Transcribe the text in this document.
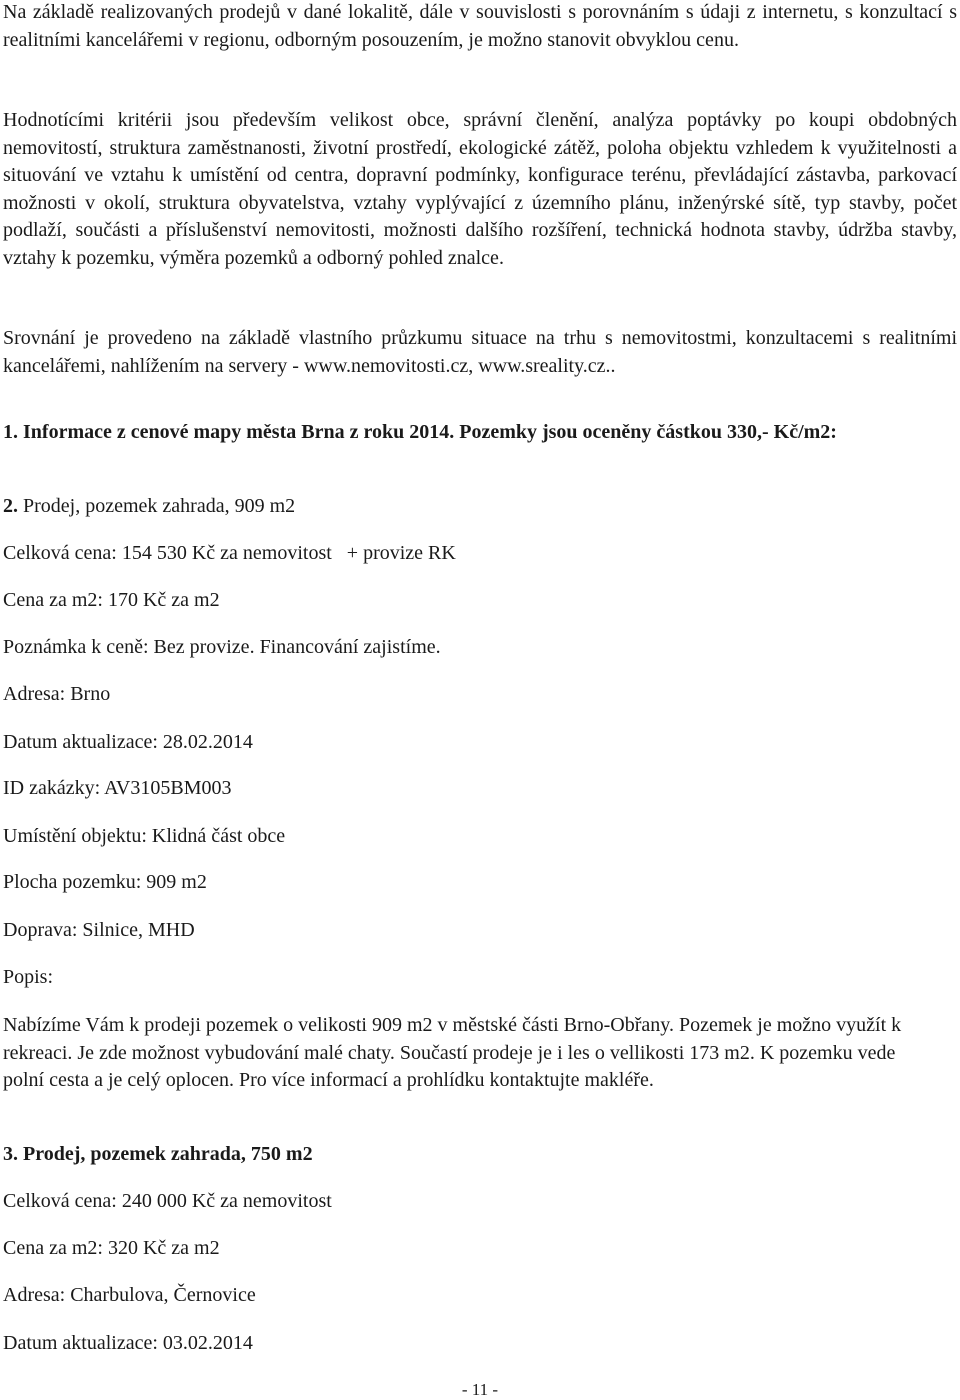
Na základě realizovaných prodejů v dané lokalitě, dále v souvislosti s porovnáním s údaji z internetu, s konzultací s realitními kancelářemi v regionu, odborným posouzením, je možno stanovit obvyklou cenu.

Hodnotícími kritérii jsou především velikost obce, správní členění, analýza poptávky po koupi obdobných nemovitostí, struktura zaměstnanosti, životní prostředí, ekologické zátěž, poloha objektu vzhledem k využitelnosti a situování ve vztahu k umístění od centra, dopravní podmínky, konfigurace terénu, převládající zástavba, parkovací možnosti v okolí, struktura obyvatelstva, vztahy vyplývající z územního plánu, inženýrské sítě, typ stavby, počet podlaží, součásti a příslušenství nemovitosti, možnosti dalšího rozšíření, technická hodnota stavby, údržba stavby, vztahy k pozemku, výměra pozemků a odborný pohled znalce.

Srovnání je provedeno na základě vlastního průzkumu situace na trhu s nemovitostmi, konzultacemi s realitními kancelářemi, nahlížením na servery - www.nemovitosti.cz, www.sreality.cz..

1. Informace z cenové mapy města Brna z roku 2014. Pozemky jsou oceněny částkou 330,- Kč/m2:

2. Prodej, pozemek zahrada, 909 m2

Celková cena: 154 530 Kč za nemovitost   + provize RK

Cena za m2: 170 Kč za m2

Poznámka k ceně: Bez provize. Financování zajistíme.

Adresa: Brno

Datum aktualizace: 28.02.2014

ID zakázky: AV3105BM003

Umístění objektu: Klidná část obce

Plocha pozemku: 909 m2

Doprava: Silnice, MHD

Popis:

Nabízíme Vám k prodeji pozemek o velikosti 909 m2 v městské části Brno-Obřany. Pozemek je možno využít k rekreaci. Je zde možnost vybudování malé chaty. Součastí prodeje je i les o vellikosti 173 m2. K pozemku vede polní cesta a je celý oplocen. Pro více informací a prohlídku kontaktujte makléře.

3. Prodej, pozemek zahrada, 750 m2

Celková cena: 240 000 Kč za nemovitost

Cena za m2: 320 Kč za m2

Adresa: Charbulova, Černovice

Datum aktualizace: 03.02.2014

- 11 -
